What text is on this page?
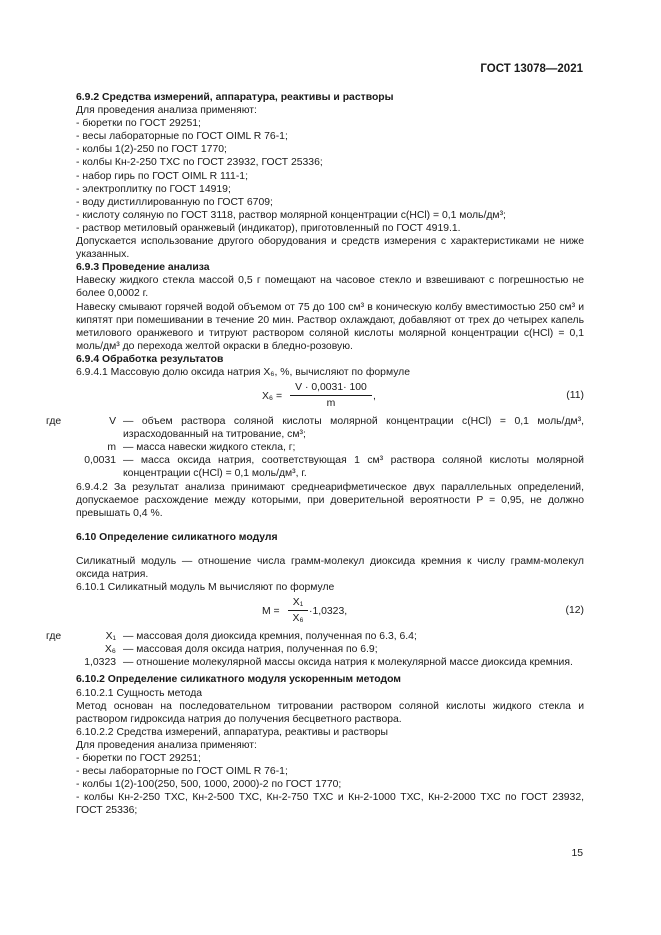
ГОСТ 13078—2021

6.9.2 Средства измерений, аппаратура, реактивы и растворы

Для проведения анализа применяют:

- бюретки по ГОСТ 29251;

- весы лабораторные по ГОСТ OIML R 76-1;

- колбы 1(2)-250 по ГОСТ 1770;

- колбы Кн-2-250 ТХС по ГОСТ 23932, ГОСТ 25336;

- набор гирь по ГОСТ OIML R 111-1;

- электроплитку по ГОСТ 14919;

- воду дистиллированную по ГОСТ 6709;

- кислоту соляную по ГОСТ 3118, раствор молярной концентрации c(HCl) = 0,1 моль/дм³;

- раствор метиловый оранжевый (индикатор), приготовленный по ГОСТ 4919.1.

Допускается использование другого оборудования и средств измерения с характеристиками не ниже указанных.

6.9.3 Проведение анализа

Навеску жидкого стекла массой 0,5 г помещают на часовое стекло и взвешивают с погрешностью не более 0,0002 г.

Навеску смывают горячей водой объемом от 75 до 100 см³ в коническую колбу вместимостью 250 см³ и кипятят при помешивании в течение 20 мин. Раствор охлаждают, добавляют от трех до четырех капель метилового оранжевого и титруют раствором соляной кислоты молярной концентрации c(HCl) = 0,1 моль/дм³ до перехода желтой окраски в бледно-розовую.

6.9.4 Обработка результатов

6.9.4.1 Массовую долю оксида натрия X₆, %, вычисляют по формуле

X₆ =
V · 0,0031· 100
m
,	(11)
где	V — объем раствора соляной кислоты молярной концентрации c(HCl) = 0,1 моль/дм³, израсходованный на титрование, см³;
m — масса навески жидкого стекла, г;
0,0031 — масса оксида натрия, соответствующая 1 см³ раствора соляной кислоты молярной концентрации c(HCl) = 0,1 моль/дм³, г.

6.9.4.2 За результат анализа принимают среднеарифметическое двух параллельных определений, допускаемое расхождение между которыми, при доверительной вероятности P = 0,95, не должно превышать 0,4 %.

6.10 Определение силикатного модуля

Силикатный модуль — отношение числа грамм-молекул диоксида кремния к числу грамм-молекул оксида натрия.

6.10.1 Силикатный модуль M вычисляют по формуле

M =
X₁
X₆
·1,0323,	(12)
где	X₁ — массовая доля диоксида кремния, полученная по 6.3, 6.4;
X₆ — массовая доля оксида натрия, полученная по 6.9;
1,0323 — отношение молекулярной массы оксида натрия к молекулярной массе диоксида кремния.

6.10.2 Определение силикатного модуля ускоренным методом

6.10.2.1 Сущность метода

Метод основан на последовательном титровании раствором соляной кислоты жидкого стекла и раствором гидроксида натрия до получения бесцветного раствора.

6.10.2.2 Средства измерений, аппаратура, реактивы и растворы

Для проведения анализа применяют:

- бюретки по ГОСТ 29251;

- весы лабораторные по ГОСТ OIML R 76-1;

- колбы 1(2)-100(250, 500, 1000, 2000)-2 по ГОСТ 1770;

- колбы Кн-2-250 ТХС, Кн-2-500 ТХС, Кн-2-750 ТХС и Кн-2-1000 ТХС, Кн-2-2000 ТХС по ГОСТ 23932, ГОСТ 25336;

15
